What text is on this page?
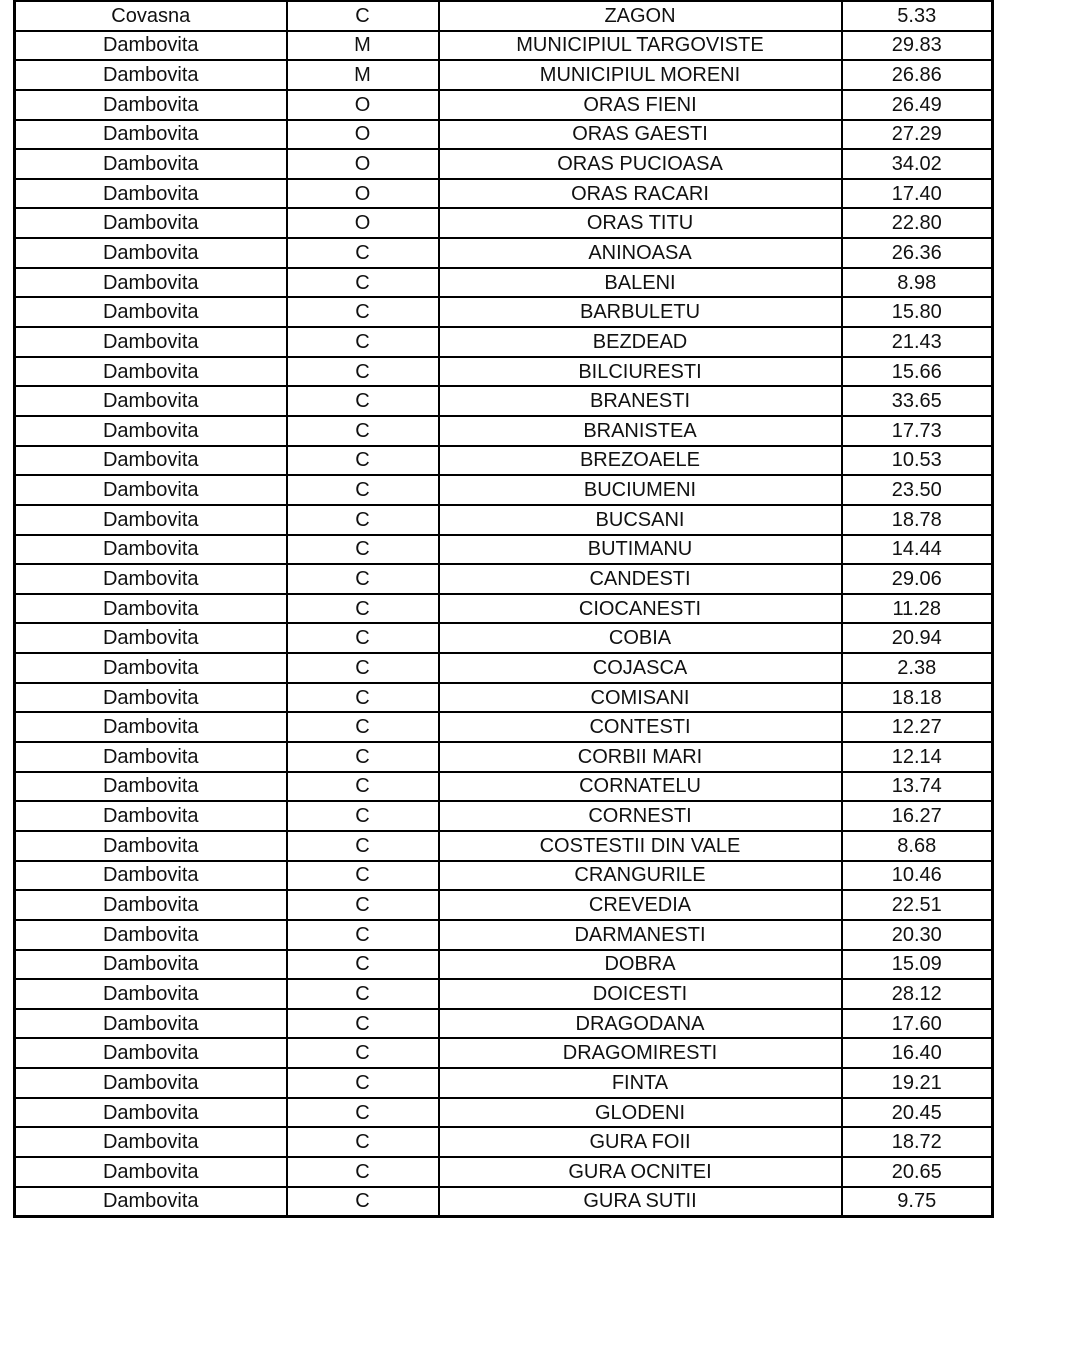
Covasna	C	ZAGON	5.33
Dambovita	M	MUNICIPIUL TARGOVISTE	29.83
Dambovita	M	MUNICIPIUL MORENI	26.86
Dambovita	O	ORAS FIENI	26.49
Dambovita	O	ORAS GAESTI	27.29
Dambovita	O	ORAS PUCIOASA	34.02
Dambovita	O	ORAS RACARI	17.40
Dambovita	O	ORAS TITU	22.80
Dambovita	C	ANINOASA	26.36
Dambovita	C	BALENI	8.98
Dambovita	C	BARBULETU	15.80
Dambovita	C	BEZDEAD	21.43
Dambovita	C	BILCIURESTI	15.66
Dambovita	C	BRANESTI	33.65
Dambovita	C	BRANISTEA	17.73
Dambovita	C	BREZOAELE	10.53
Dambovita	C	BUCIUMENI	23.50
Dambovita	C	BUCSANI	18.78
Dambovita	C	BUTIMANU	14.44
Dambovita	C	CANDESTI	29.06
Dambovita	C	CIOCANESTI	11.28
Dambovita	C	COBIA	20.94
Dambovita	C	COJASCA	2.38
Dambovita	C	COMISANI	18.18
Dambovita	C	CONTESTI	12.27
Dambovita	C	CORBII MARI	12.14
Dambovita	C	CORNATELU	13.74
Dambovita	C	CORNESTI	16.27
Dambovita	C	COSTESTII DIN VALE	8.68
Dambovita	C	CRANGURILE	10.46
Dambovita	C	CREVEDIA	22.51
Dambovita	C	DARMANESTI	20.30
Dambovita	C	DOBRA	15.09
Dambovita	C	DOICESTI	28.12
Dambovita	C	DRAGODANA	17.60
Dambovita	C	DRAGOMIRESTI	16.40
Dambovita	C	FINTA	19.21
Dambovita	C	GLODENI	20.45
Dambovita	C	GURA FOII	18.72
Dambovita	C	GURA OCNITEI	20.65
Dambovita	C	GURA SUTII	9.75
